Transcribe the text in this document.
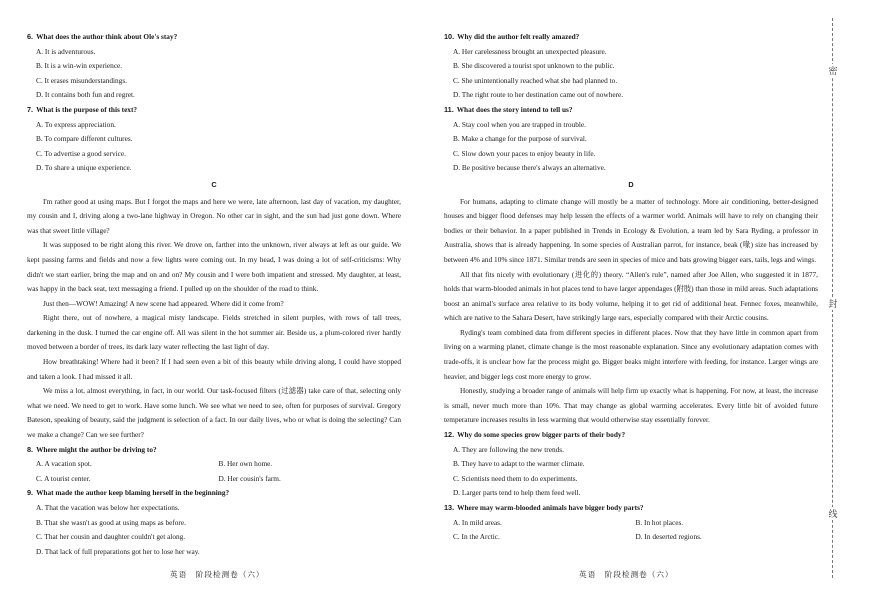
6. What does the author think about Ole's stay?
A. It is adventurous.
B. It is a win-win experience.
C. It erases misunderstandings.
D. It contains both fun and regret.
7. What is the purpose of this text?
A. To express appreciation.
B. To compare different cultures.
C. To advertise a good service.
D. To share a unique experience.
C

I'm rather good at using maps. But I forgot the maps and here we were, late afternoon, last day of vacation, my daughter, my cousin and I, driving along a two-lane highway in Oregon. No other car in sight, and the sun had just gone down. Where was that sweet little village?

It was supposed to be right along this river. We drove on, farther into the unknown, river always at left as our guide. We kept passing farms and fields and now a few lights were coming out. In my head, I was doing a lot of self-criticisms: Why didn't we start earlier, bring the map and on and on? My cousin and I were both impatient and stressed. My daughter, at least, was happy in the back seat, text messaging a friend. I pulled up on the shoulder of the road to think.

Just then—WOW! Amazing! A new scene had appeared. Where did it come from?

Right there, out of nowhere, a magical misty landscape. Fields stretched in silent purples, with rows of tall trees, darkening in the dusk. I turned the car engine off. All was silent in the hot summer air. Beside us, a plum-colored river hardly moved between a border of trees, its dark lazy water reflecting the last light of day.

How breathtaking! Where had it been? If I had seen even a bit of this beauty while driving along, I could have stopped and taken a look. I had missed it all.

We miss a lot, almost everything, in fact, in our world. Our task-focused filters (过滤器) take care of that, selecting only what we need. We need to get to work. Have some lunch. We see what we need to see, often for purposes of survival. Gregory Bateson, speaking of beauty, said the judgment is selection of a fact. In our daily lives, who or what is doing the selecting? Can we make a change? Can we see further?

8. Where might the author be driving to?
A. A vacation spot.	B. Her own home.
C. A tourist center.	D. Her cousin's farm.
9. What made the author keep blaming herself in the beginning?
A. That the vacation was below her expectations.
B. That she wasn't as good at using maps as before.
C. That her cousin and daughter couldn't get along.
D. That lack of full preparations got her to lose her way.
10. Why did the author felt really amazed?
A. Her carelessness brought an unexpected pleasure.
B. She discovered a tourist spot unknown to the public.
C. She unintentionally reached what she had planned to.
D. The right route to her destination came out of nowhere.
11. What does the story intend to tell us?
A. Stay cool when you are trapped in trouble.
B. Make a change for the purpose of survival.
C. Slow down your paces to enjoy beauty in life.
D. Be positive because there's always an alternative.
D

For humans, adapting to climate change will mostly be a matter of technology. More air conditioning, better-designed houses and bigger flood defenses may help lessen the effects of a warmer world. Animals will have to rely on changing their bodies or their behavior. In a paper published in Trends in Ecology & Evolution, a team led by Sara Ryding, a professor in Australia, shows that is already happening. In some species of Australian parrot, for instance, beak (喙) size has increased by between 4% and 10% since 1871. Similar trends are seen in species of mice and bats growing bigger ears, tails, legs and wings.

All that fits nicely with evolutionary (进化的) theory. “Allen's rule”, named after Joe Allen, who suggested it in 1877, holds that warm-blooded animals in hot places tend to have larger appendages (附肢) than those in mild areas. Such adaptations boost an animal's surface area relative to its body volume, helping it to get rid of additional heat. Fennec foxes, meanwhile, which are native to the Sahara Desert, have strikingly large ears, especially compared with their Arctic cousins.

Ryding's team combined data from different species in different places. Now that they have little in common apart from living on a warming planet, climate change is the most reasonable explanation. Since any evolutionary adaptation comes with trade-offs, it is unclear how far the process might go. Bigger beaks might interfere with feeding, for instance. Larger wings are heavier, and bigger legs cost more energy to grow.

Honestly, studying a broader range of animals will help firm up exactly what is happening. For now, at least, the increase is small, never much more than 10%. That may change as global warming accelerates. Every little bit of avoided future temperature increases results in less warming that would otherwise stay essentially forever.

12. Why do some species grow bigger parts of their body?
A. They are following the new trends.
B. They have to adapt to the warmer climate.
C. Scientists need them to do experiments.
D. Larger parts tend to help them feed well.
13. Where may warm-blooded animals have bigger body parts?
A. In mild areas.	B. In hot places.
C. In the Arctic.	D. In deserted regions.
英语　阶段检测卷（六）	英语　阶段检测卷（六）
密
封
线
